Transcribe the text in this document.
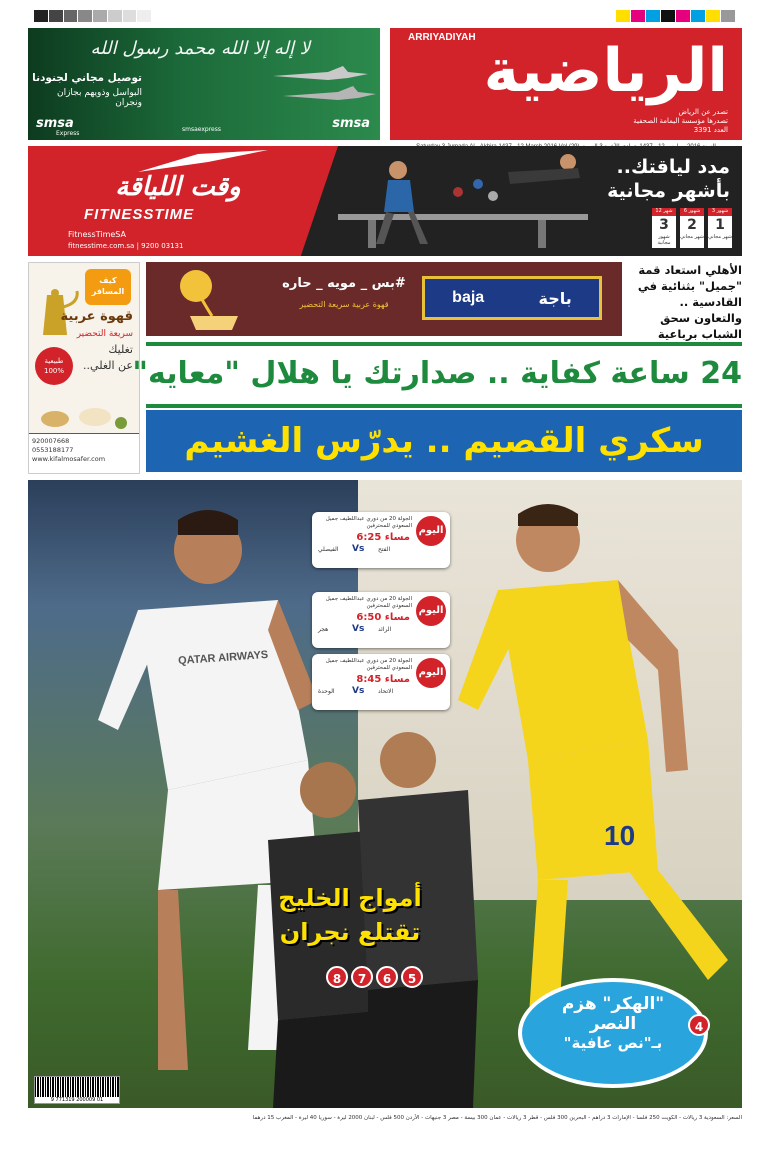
ARRIYADIYAH الرياضية
تصدر عن الرياض
تصدرها مؤسسة اليمامة الصحفية
العدد 3391
لا إله إلا الله محمد رسول الله
توصيل مجاني لجنودنا
البواسل وذويهم بجازان ونجران
smsa
Express
smsaexpress	smsa
وقت اللياقة
FITNESSTIME
FitnessTimeSA
fitnesstime.com.sa | 9200 03131
مدد لياقتك..
بأشهر مجانية
12 شهر
3
شهور مجانية
6 شهور
2
شهر مجاني
3 شهور
1
شهر مجاني
كيف المسافر
قهوة عربية
سريعة التحضير
تغليك
عن الغلي..
طبيعية 100%
920007668
0553188177
www.kifalmosafer.com
#بس _ مويه _ حاره
قهوة عربية سريعة التحضير	baja	باجة
الأهلي استعاد قمة "جميل" بثنائية في القادسية .. والتعاون سحق الشباب برباعية
24 ساعة كفاية .. صدارتك يا هلال "معايه"
سكري القصيم .. يدرّس الغشيم
QATAR AIRWAYS
10
اليوم
الجولة 20 من دوري عبداللطيف جميل السعودي للمحترفين
6:25 مساء
الفيصلي Vs الفتح
اليوم
الجولة 20 من دوري عبداللطيف جميل السعودي للمحترفين
6:50 مساء
هجر	Vs الرائد
اليوم
الجولة 20 من دوري عبداللطيف جميل السعودي للمحترفين
8:45 مساء
الوحدة Vs الاتحاد
أمواج الخليج
تقتلع نجران
8	7	6	5
"الهكر" هزم
النصر
بـ"نص عافية"
4
9 771319 200009 01
السعر: السعودية 3 ريالات - الكويت 250 فلسا - الإمارات 3 دراهم - البحرين 300 فلس - قطر 3 ريالات - عمان 300 بيسة - مصر 3 جنيهات - الأردن 500 فلس - لبنان 2000 ليرة - سوريا 40 ليرة - المغرب 15 درهما
